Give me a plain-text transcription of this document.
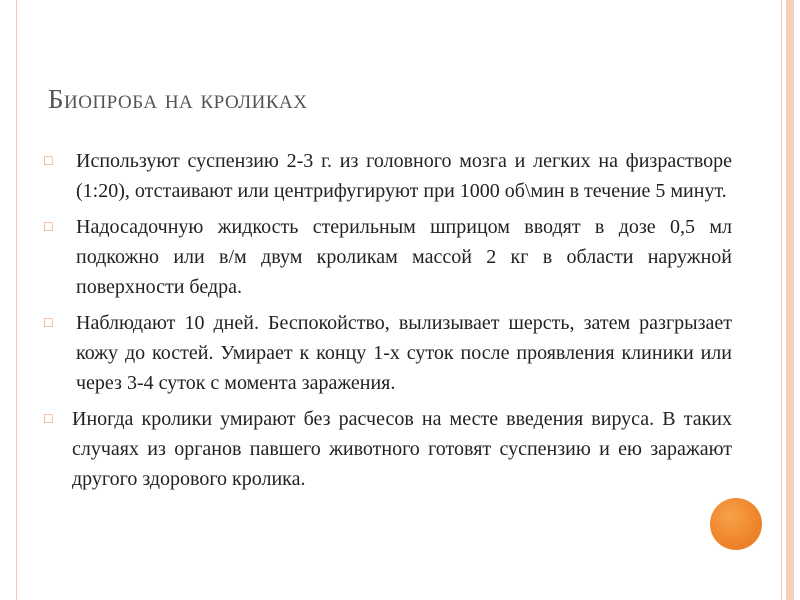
Биопроба на кроликах
□	Используют суспензию 2-3 г. из головного мозга и легких на физрастворе (1:20), отстаивают или центрифугируют при 1000 об\мин в течение 5 минут.
□	Надосадочную жидкость стерильным шприцом вводят в дозе 0,5 мл подкожно или в/м двум кроликам массой 2 кг в области наружной поверхности бедра.
□	Наблюдают 10 дней. Беспокойство, вылизывает шерсть, затем разгрызает кожу до костей. Умирает к концу 1-х суток после проявления клиники или через 3-4 суток с момента заражения.
□ Иногда кролики умирают без расчесов на месте введения вируса. В таких случаях из органов павшего животного готовят суспензию и ею заражают другого здорового кролика.
